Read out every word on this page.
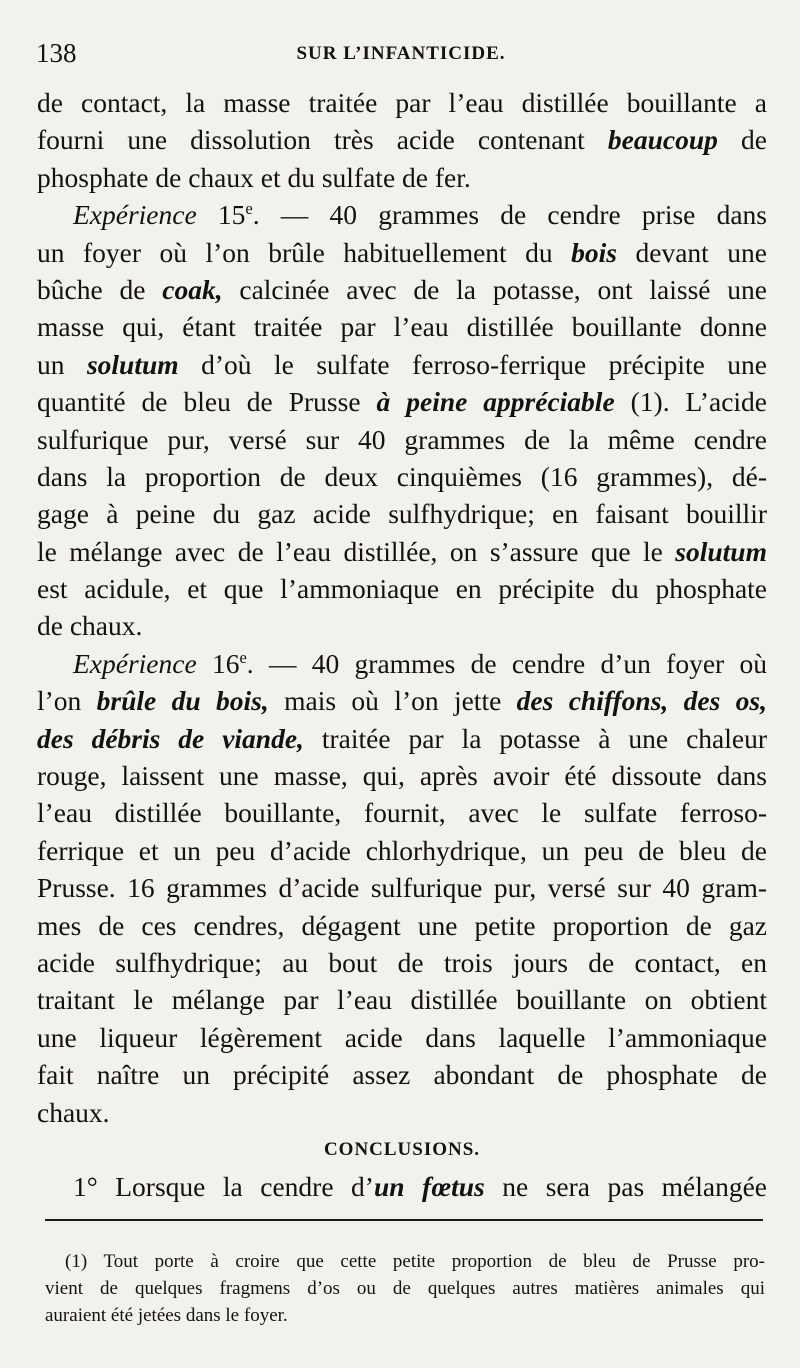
138	SUR L’INFANTICIDE.
de contact, la masse traitée par l’eau distillée bouillante a
fourni une dissolution très acide contenant beaucoup de
phosphate de chaux et du sulfate de fer.
Expérience 15e. — 40 grammes de cendre prise dans
un foyer où l’on brûle habituellement du bois devant une
bûche de coak, calcinée avec de la potasse, ont laissé une
masse qui, étant traitée par l’eau distillée bouillante donne
un solutum d’où le sulfate ferroso-ferrique précipite une
quantité de bleu de Prusse à peine appréciable (1). L’acide
sulfurique pur, versé sur 40 grammes de la même cendre
dans la proportion de deux cinquièmes (16 grammes), dé-
gage à peine du gaz acide sulfhydrique; en faisant bouillir
le mélange avec de l’eau distillée, on s’assure que le solutum
est acidule, et que l’ammoniaque en précipite du phosphate
de chaux.
Expérience 16e. — 40 grammes de cendre d’un foyer où
l’on brûle du bois, mais où l’on jette des chiffons, des os,
des débris de viande, traitée par la potasse à une chaleur
rouge, laissent une masse, qui, après avoir été dissoute dans
l’eau distillée bouillante, fournit, avec le sulfate ferroso-
ferrique et un peu d’acide chlorhydrique, un peu de bleu de
Prusse. 16 grammes d’acide sulfurique pur, versé sur 40 gram-
mes de ces cendres, dégagent une petite proportion de gaz
acide sulfhydrique; au bout de trois jours de contact, en
traitant le mélange par l’eau distillée bouillante on obtient
une liqueur légèrement acide dans laquelle l’ammoniaque
fait naître un précipité assez abondant de phosphate de
chaux.
CONCLUSIONS.
1° Lorsque la cendre d’un fœtus ne sera pas mélangée
(1) Tout porte à croire que cette petite proportion de bleu de Prusse pro-
vient de quelques fragmens d’os ou de quelques autres matières animales qui
auraient été jetées dans le foyer.
